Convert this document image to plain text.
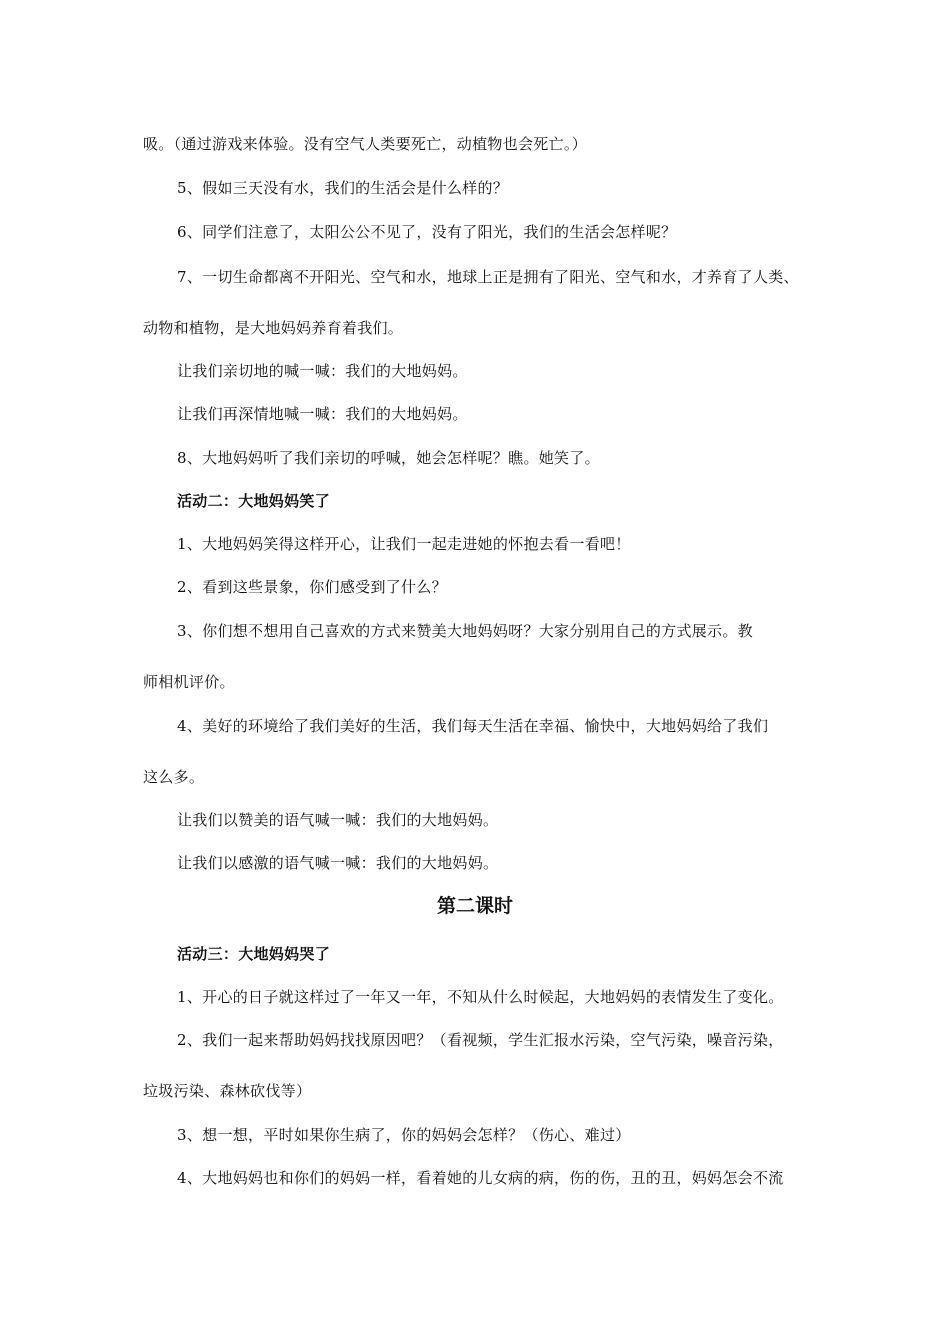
吸。（通过游戏来体验。没有空气人类要死亡，动植物也会死亡。）
5、假如三天没有水，我们的生活会是什么样的？
6、同学们注意了，太阳公公不见了，没有了阳光，我们的生活会怎样呢？
7、一切生命都离不开阳光、空气和水，地球上正是拥有了阳光、空气和水，才养育了人类、
动物和植物，是大地妈妈养育着我们。
让我们亲切地的喊一喊：我们的大地妈妈。
让我们再深情地喊一喊：我们的大地妈妈。
8、大地妈妈听了我们亲切的呼喊，她会怎样呢？瞧。她笑了。
活动二：大地妈妈笑了
1、大地妈妈笑得这样开心，让我们一起走进她的怀抱去看一看吧！
2、看到这些景象，你们感受到了什么？
3、你们想不想用自己喜欢的方式来赞美大地妈妈呀？大家分别用自己的方式展示。教
师相机评价。
4、美好的环境给了我们美好的生活，我们每天生活在幸福、愉快中，大地妈妈给了我们
这么多。
让我们以赞美的语气喊一喊：我们的大地妈妈。
让我们以感激的语气喊一喊：我们的大地妈妈。
第二课时
活动三：大地妈妈哭了
1、开心的日子就这样过了一年又一年，不知从什么时候起，大地妈妈的表情发生了变化。
2、我们一起来帮助妈妈找找原因吧？（看视频，学生汇报水污染，空气污染，噪音污染，
垃圾污染、森林砍伐等）
3、想一想，平时如果你生病了，你的妈妈会怎样？（伤心、难过）
4、大地妈妈也和你们的妈妈一样，看着她的儿女病的病，伤的伤，丑的丑，妈妈怎会不流
